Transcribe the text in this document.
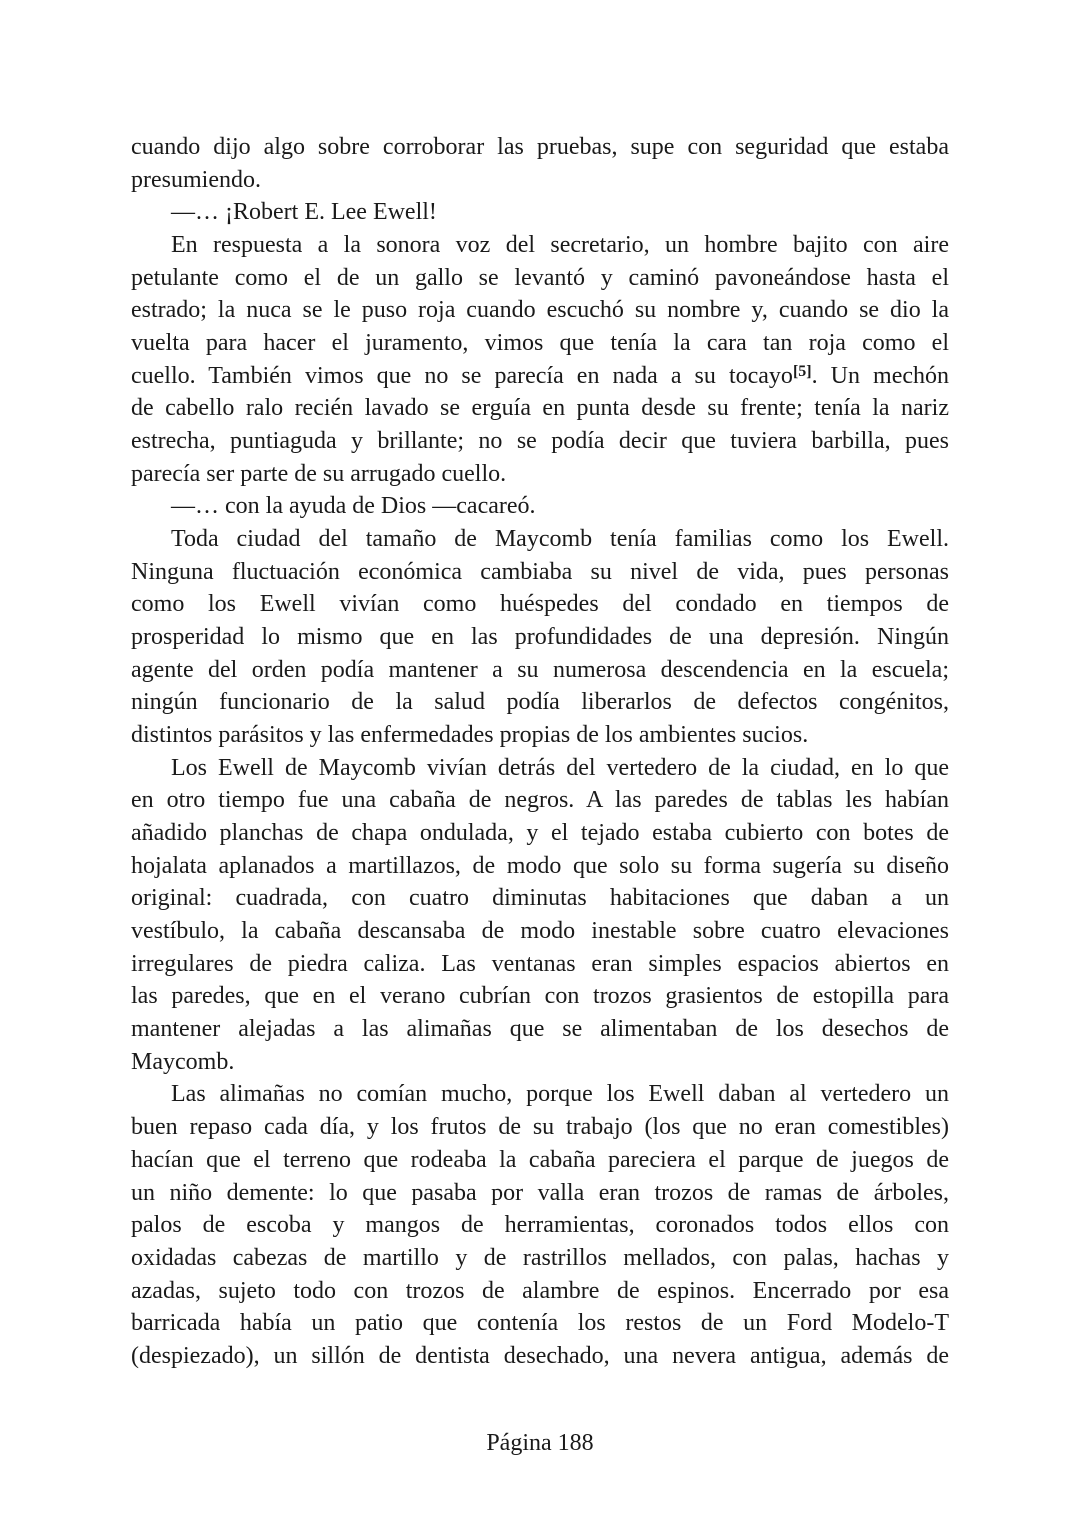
cuando dijo algo sobre corroborar las pruebas, supe con seguridad que estaba
presumiendo.
—… ¡Robert E. Lee Ewell!
En respuesta a la sonora voz del secretario, un hombre bajito con aire
petulante como el de un gallo se levantó y caminó pavoneándose hasta el
estrado; la nuca se le puso roja cuando escuchó su nombre y, cuando se dio la
vuelta para hacer el juramento, vimos que tenía la cara tan roja como el
cuello. También vimos que no se parecía en nada a su tocayo[5]. Un mechón
de cabello ralo recién lavado se erguía en punta desde su frente; tenía la nariz
estrecha, puntiaguda y brillante; no se podía decir que tuviera barbilla, pues
parecía ser parte de su arrugado cuello.
—… con la ayuda de Dios —cacareó.
Toda ciudad del tamaño de Maycomb tenía familias como los Ewell.
Ninguna fluctuación económica cambiaba su nivel de vida, pues personas
como los Ewell vivían como huéspedes del condado en tiempos de
prosperidad lo mismo que en las profundidades de una depresión. Ningún
agente del orden podía mantener a su numerosa descendencia en la escuela;
ningún funcionario de la salud podía liberarlos de defectos congénitos,
distintos parásitos y las enfermedades propias de los ambientes sucios.
Los Ewell de Maycomb vivían detrás del vertedero de la ciudad, en lo que
en otro tiempo fue una cabaña de negros. A las paredes de tablas les habían
añadido planchas de chapa ondulada, y el tejado estaba cubierto con botes de
hojalata aplanados a martillazos, de modo que solo su forma sugería su diseño
original: cuadrada, con cuatro diminutas habitaciones que daban a un
vestíbulo, la cabaña descansaba de modo inestable sobre cuatro elevaciones
irregulares de piedra caliza. Las ventanas eran simples espacios abiertos en
las paredes, que en el verano cubrían con trozos grasientos de estopilla para
mantener alejadas a las alimañas que se alimentaban de los desechos de
Maycomb.
Las alimañas no comían mucho, porque los Ewell daban al vertedero un
buen repaso cada día, y los frutos de su trabajo (los que no eran comestibles)
hacían que el terreno que rodeaba la cabaña pareciera el parque de juegos de
un niño demente: lo que pasaba por valla eran trozos de ramas de árboles,
palos de escoba y mangos de herramientas, coronados todos ellos con
oxidadas cabezas de martillo y de rastrillos mellados, con palas, hachas y
azadas, sujeto todo con trozos de alambre de espinos. Encerrado por esa
barricada había un patio que contenía los restos de un Ford Modelo-T
(despiezado), un sillón de dentista desechado, una nevera antigua, además de
Página 188
